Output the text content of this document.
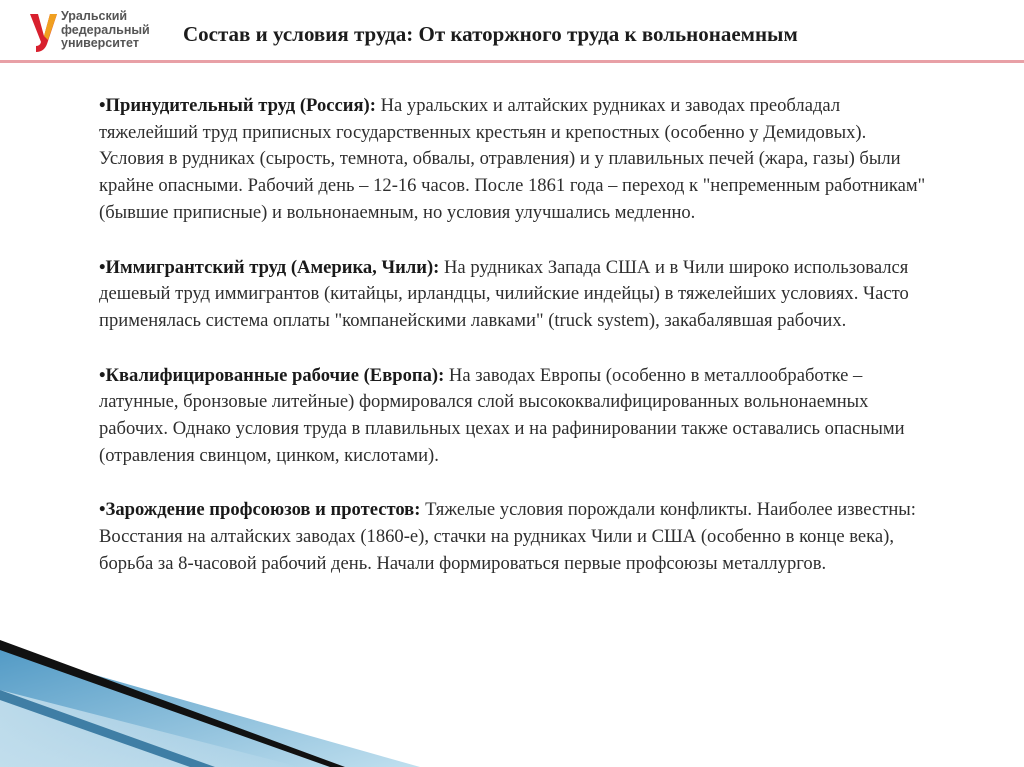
Уральский
федеральный
университет	Состав и условия труда: От каторжного труда к вольнонаемным

•Принудительный труд (Россия): На уральских и алтайских рудниках и заводах преобладал тяжелейший труд приписных государственных крестьян и крепостных (особенно у Демидовых). Условия в рудниках (сырость, темнота, обвалы, отравления) и у плавильных печей (жара, газы) были крайне опасными. Рабочий день – 12-16 часов. После 1861 года – переход к "непременным работникам" (бывшие приписные) и вольнонаемным, но условия улучшались медленно.

•Иммигрантский труд (Америка, Чили): На рудниках Запада США и в Чили широко использовался дешевый труд иммигрантов (китайцы, ирландцы, чилийские индейцы) в тяжелейших условиях. Часто применялась система оплаты "компанейскими лавками" (truck system), закабалявшая рабочих.

•Квалифицированные рабочие (Европа): На заводах Европы (особенно в металлообработке – латунные, бронзовые литейные) формировался слой высококвалифицированных вольнонаемных рабочих. Однако условия труда в плавильных цехах и на рафинировании также оставались опасными (отравления свинцом, цинком, кислотами).

•Зарождение профсоюзов и протестов: Тяжелые условия порождали конфликты. Наиболее известны: Восстания на алтайских заводах (1860-е), стачки на рудниках Чили и США (особенно в конце века), борьба за 8-часовой рабочий день. Начали формироваться первые профсоюзы металлургов.
